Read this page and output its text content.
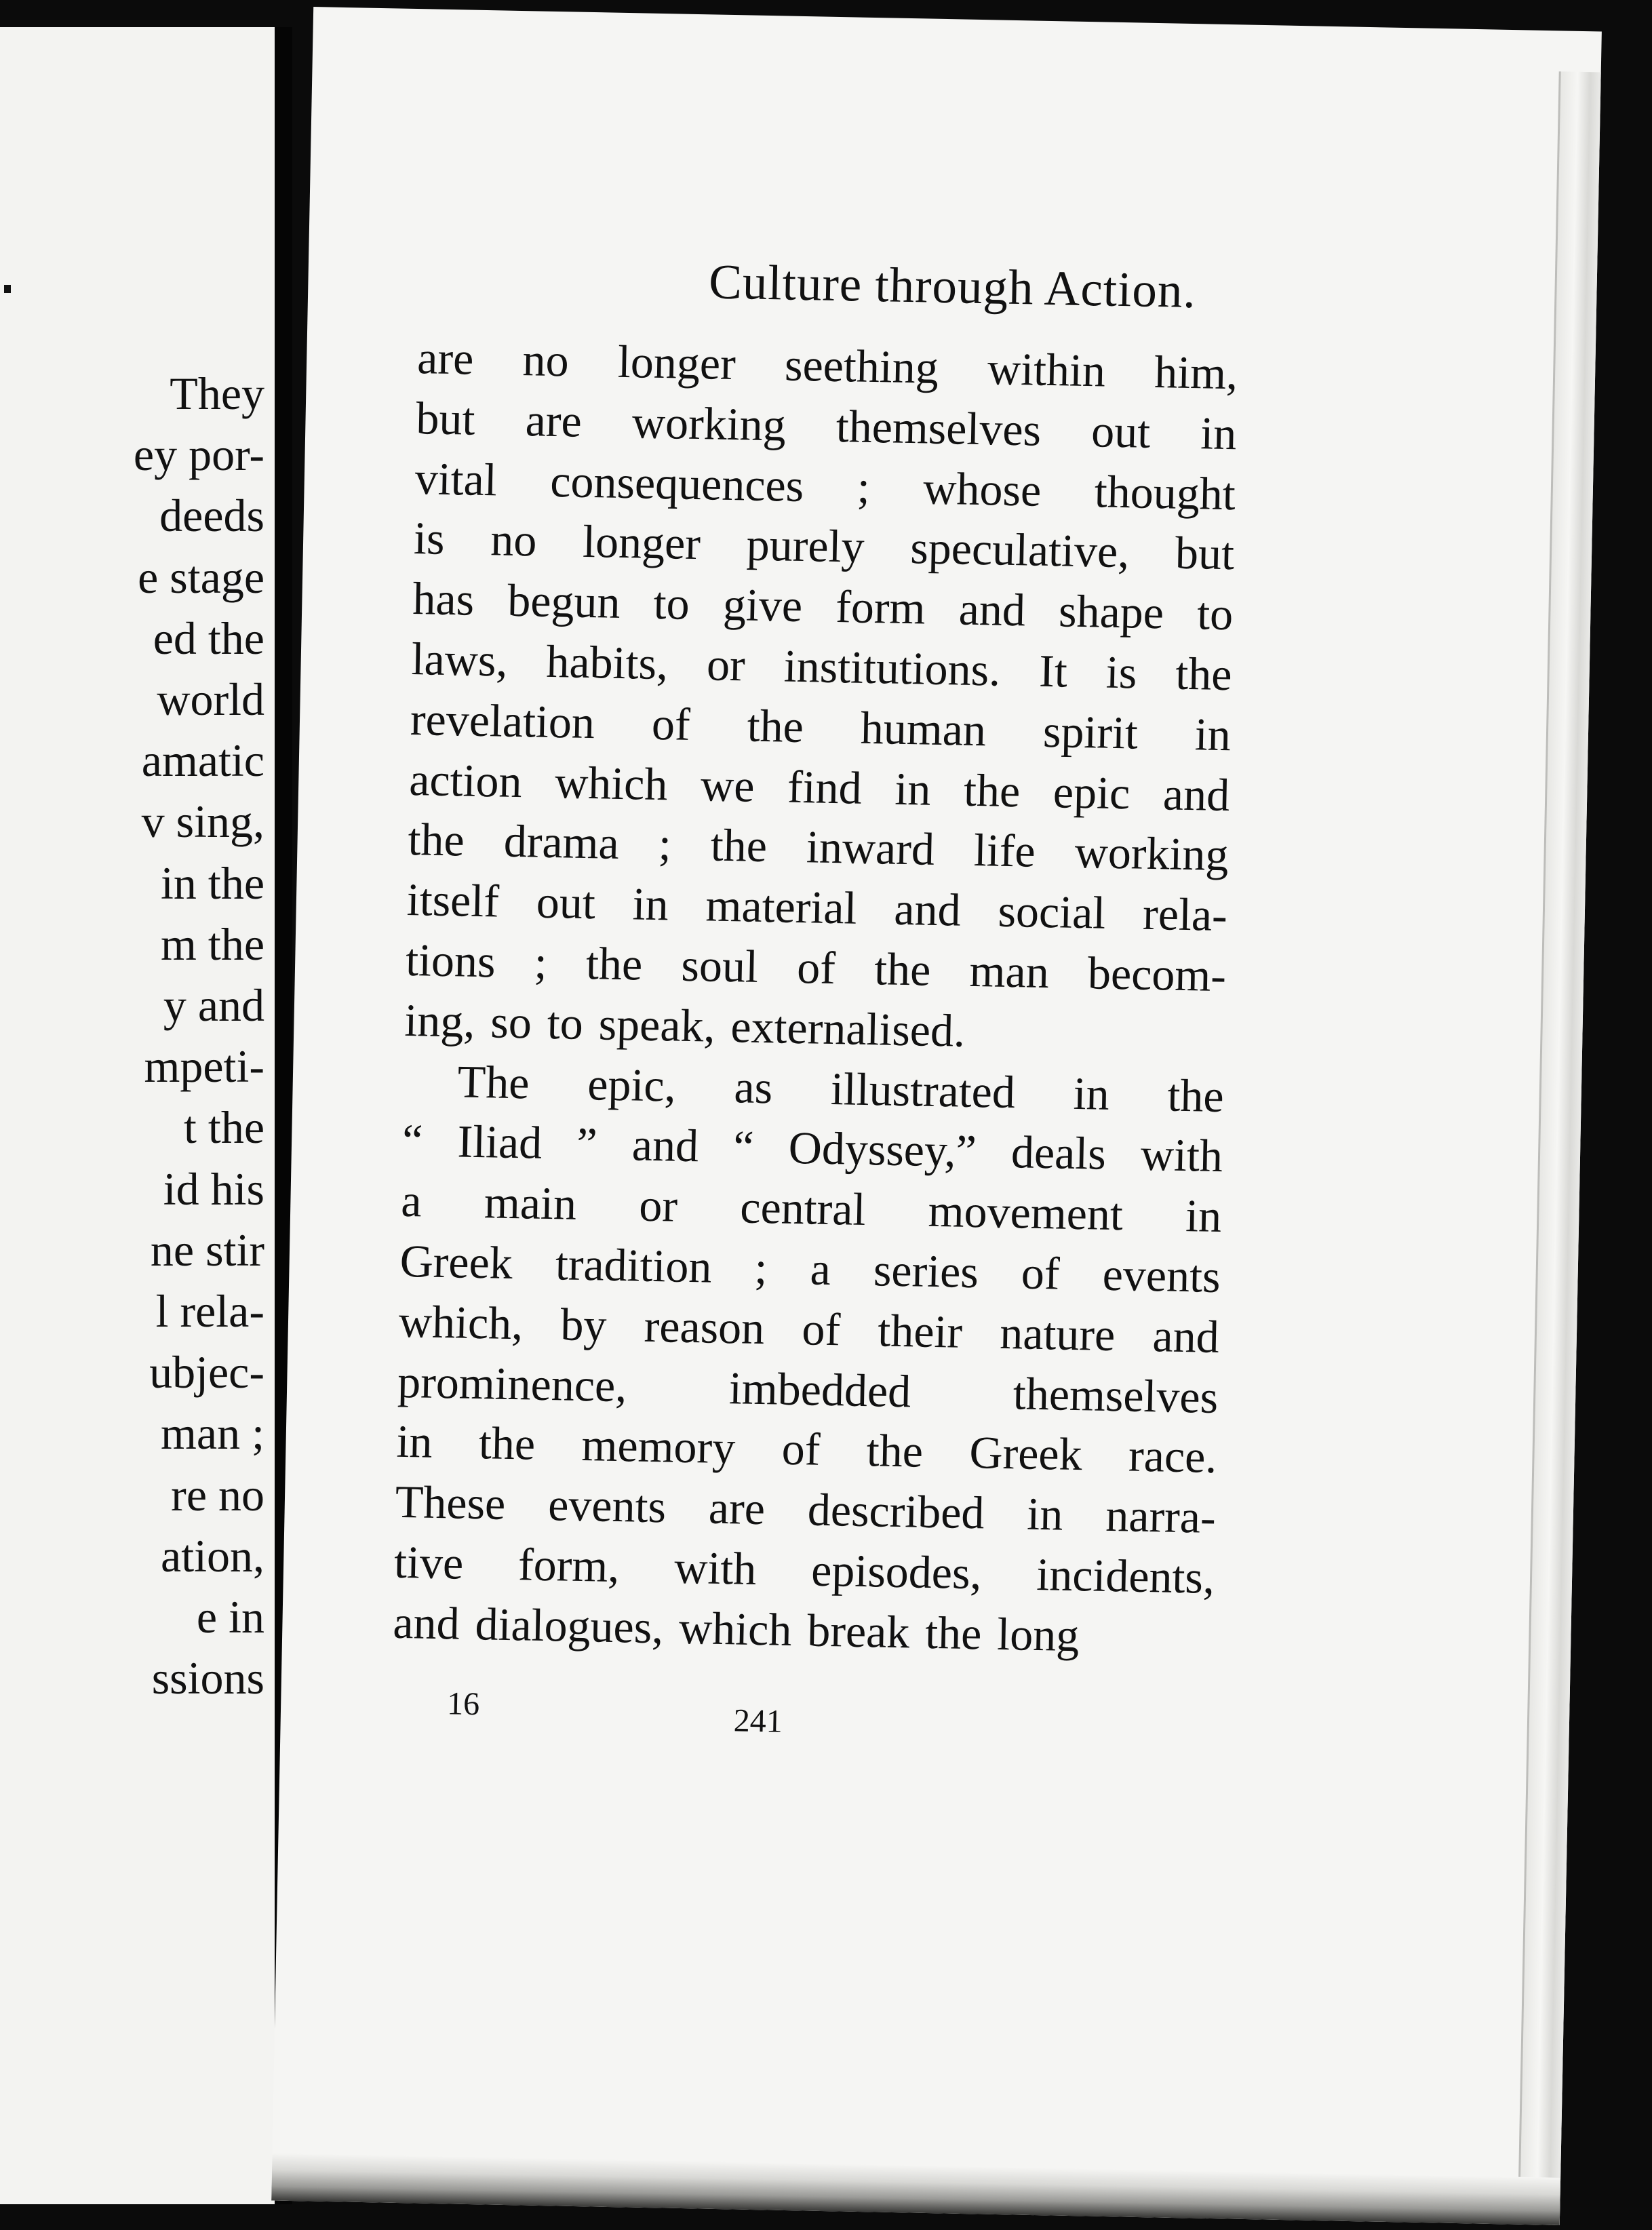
They
ey por-
deeds
e stage
ed the
world
amatic
v sing,
in the
m the
y and
mpeti-
t the
id his
ne stir
l rela-
ubjec-
man ;
re no
ation,
e in
ssions
Culture through Action.
are no longer seething within him,
but are working themselves out in
vital consequences ; whose thought
is no longer purely speculative, but
has begun to give form and shape to
laws, habits, or institutions. It is the
revelation of the human spirit in
action which we find in the epic and
the drama ; the inward life working
itself out in material and social rela-
tions ; the soul of the man becom-
ing, so to speak, externalised.
The epic, as illustrated in the
“ Iliad ” and “ Odyssey,” deals with
a main or central movement in
Greek tradition ; a series of events
which, by reason of their nature and
prominence, imbedded themselves
in the memory of the Greek race.
These events are described in narra-
tive form, with episodes, incidents,
and dialogues, which break the long
16	241
